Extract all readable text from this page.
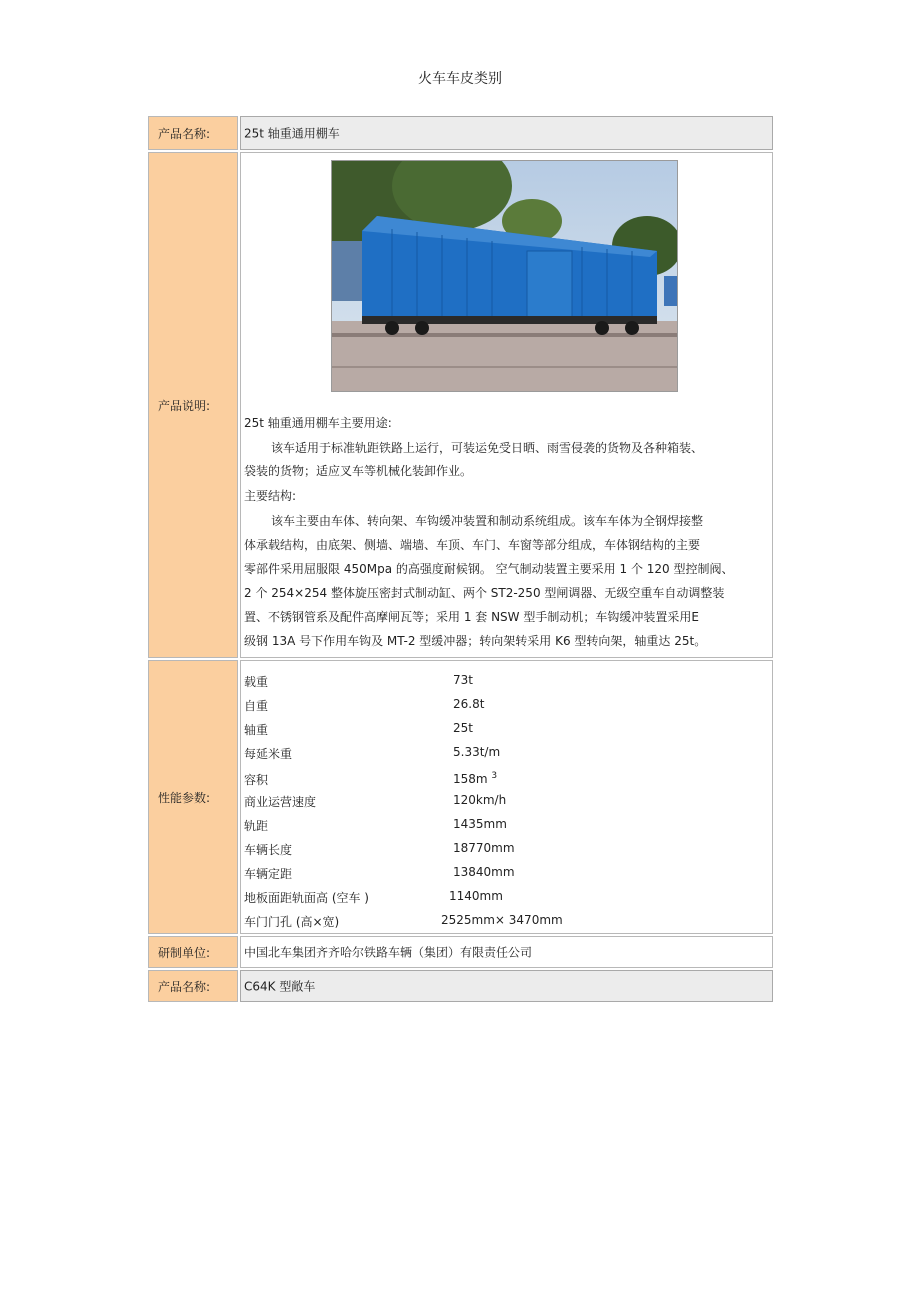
火车车皮类别
产品名称:	25t 轴重通用棚车
产品说明:
25t 轴重通用棚车主要用途:
该车适用于标准轨距铁路上运行，可装运免受日晒、雨雪侵袭的货物及各种箱装、
袋装的货物；适应叉车等机械化装卸作业。
主要结构:
该车主要由车体、转向架、车钩缓冲装置和制动系统组成。该车车体为全钢焊接整
体承载结构，由底架、侧墙、端墙、车顶、车门、车窗等部分组成，车体钢结构的主要
零部件采用屈服限 450Mpa 的高强度耐候钢。 空气制动装置主要采用 1 个 120 型控制阀、
2 个 254×254 整体旋压密封式制动缸、两个 ST2-250 型闸调器、无级空重车自动调整装
置、不锈钢管系及配件高摩闸瓦等；采用 1 套 NSW 型手制动机；车钩缓冲装置采用E
级钢 13A 号下作用车钩及 MT-2 型缓冲器；转向架转采用 K6 型转向架，轴重达 25t。
性能参数:
载重	73t
自重	26.8t
轴重	25t
每延米重	5.33t/m
容积	158m $^3$
商业运营速度	120km/h
轨距	1435mm
车辆长度	18770mm
车辆定距	13840mm
地板面距轨面高 (空车 )	1140mm
车门门孔 (高×宽)	2525mm× 3470mm
研制单位:	中国北车集团齐齐哈尔铁路车辆（集团）有限责任公司
产品名称:	C64K 型敞车
